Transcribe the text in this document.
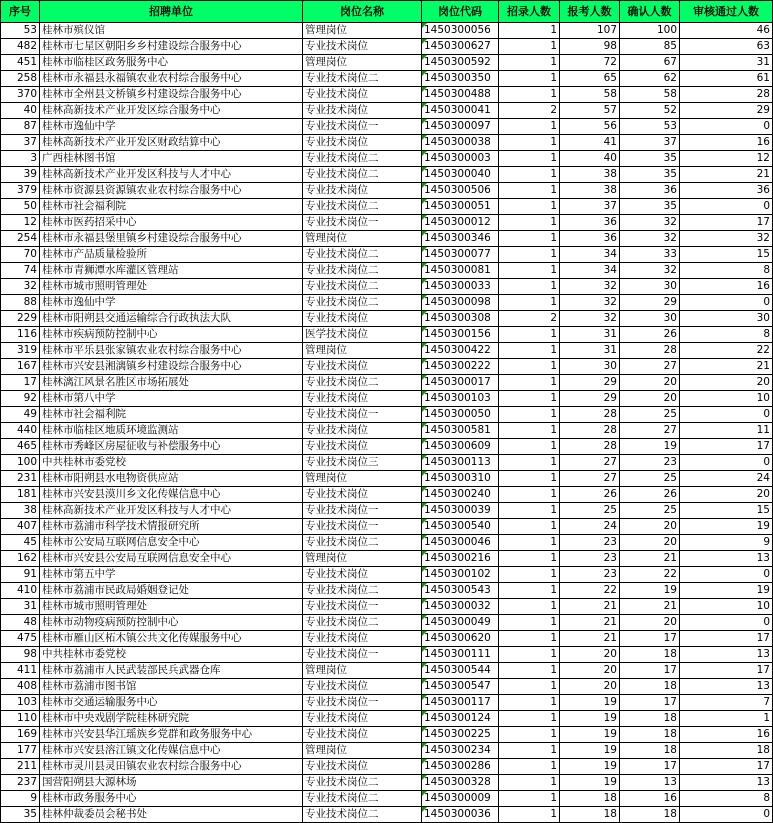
序号	招聘单位	岗位名称	岗位代码	招录人数	报考人数	确认人数	审核通过人数
53	桂林市殡仪馆	管理岗位	1450300056	1	107	100	46
482	桂林市七星区朝阳乡乡村建设综合服务中心	专业技术岗位	1450300627	1	98	85	63
451	桂林市临桂区政务服务中心	管理岗位	1450300592	1	72	67	31
258	桂林市永福县永福镇农业农村综合服务中心	专业技术岗位二	1450300350	1	65	62	61
370	桂林市全州县文桥镇乡村建设综合服务中心	专业技术岗位	1450300488	1	58	58	28
40	桂林高新技术产业开发区综合服务中心	专业技术岗位	1450300041	2	57	52	29
87	桂林市逸仙中学	专业技术岗位一	1450300097	1	56	53	0
37	桂林高新技术产业开发区财政结算中心	专业技术岗位	1450300038	1	41	37	16
3	广西桂林图书馆	专业技术岗位二	1450300003	1	40	35	12
39	桂林高新技术产业开发区科技与人才中心	专业技术岗位二	1450300040	1	38	35	21
379	桂林市资源县资源镇农业农村综合服务中心	专业技术岗位	1450300506	1	38	36	36
50	桂林市社会福利院	专业技术岗位二	1450300051	1	37	35	0
12	桂林市医药招采中心	专业技术岗位一	1450300012	1	36	32	17
254	桂林市永福县堡里镇乡村建设综合服务中心	管理岗位	1450300346	1	36	32	32
70	桂林市产品质量检验所	专业技术岗位二	1450300077	1	34	33	15
74	桂林市青狮潭水库灌区管理站	专业技术岗位二	1450300081	1	34	32	8
32	桂林市城市照明管理处	专业技术岗位二	1450300033	1	32	30	16
88	桂林市逸仙中学	专业技术岗位二	1450300098	1	32	29	0
229	桂林市阳朔县交通运输综合行政执法大队	专业技术岗位	1450300308	2	32	30	30
116	桂林市疾病预防控制中心	医学技术岗位	1450300156	1	31	26	8
319	桂林市平乐县张家镇农业农村综合服务中心	管理岗位	1450300422	1	31	28	22
167	桂林市兴安县湘漓镇乡村建设综合服务中心	专业技术岗位	1450300222	1	30	27	21
17	桂林漓江风景名胜区市场拓展处	专业技术岗位二	1450300017	1	29	20	20
92	桂林市第八中学	专业技术岗位	1450300103	1	29	20	10
49	桂林市社会福利院	专业技术岗位一	1450300050	1	28	25	0
440	桂林市临桂区地质环境监测站	专业技术岗位	1450300581	1	28	27	11
465	桂林市秀峰区房屋征收与补偿服务中心	专业技术岗位	1450300609	1	28	19	17
100	中共桂林市委党校	专业技术岗位三	1450300113	1	27	23	0
231	桂林市阳朔县水电物资供应站	管理岗位	1450300310	1	27	25	24
181	桂林市兴安县漠川乡文化传媒信息中心	专业技术岗位	1450300240	1	26	26	20
38	桂林高新技术产业开发区科技与人才中心	专业技术岗位一	1450300039	1	25	25	15
407	桂林市荔浦市科学技术情报研究所	专业技术岗位一	1450300540	1	24	20	19
45	桂林市公安局互联网信息安全中心	专业技术岗位二	1450300046	1	23	20	9
162	桂林市兴安县公安局互联网信息安全中心	管理岗位	1450300216	1	23	21	13
91	桂林市第五中学	专业技术岗位	1450300102	1	23	22	0
410	桂林市荔浦市民政局婚姻登记处	专业技术岗位二	1450300543	1	22	19	19
31	桂林市城市照明管理处	专业技术岗位一	1450300032	1	21	21	10
48	桂林市动物疫病预防控制中心	专业技术岗位二	1450300049	1	21	20	0
475	桂林市雁山区柘木镇公共文化传媒服务中心	专业技术岗位	1450300620	1	21	17	17
98	中共桂林市委党校	专业技术岗位一	1450300111	1	20	18	13
411	桂林市荔浦市人民武装部民兵武器仓库	管理岗位	1450300544	1	20	17	17
408	桂林市荔浦市图书馆	专业技术岗位	1450300547	1	20	18	13
103	桂林市交通运输服务中心	专业技术岗位一	1450300117	1	19	17	7
110	桂林市中央戏剧学院桂林研究院	专业技术岗位	1450300124	1	19	18	1
169	桂林市兴安县华江瑶族乡党群和政务服务中心	专业技术岗位	1450300225	1	19	18	16
177	桂林市兴安县溶江镇文化传媒信息中心	管理岗位	1450300234	1	19	18	18
211	桂林市灵川县灵田镇农业农村综合服务中心	专业技术岗位	1450300286	1	19	17	17
237	国营阳朔县大源林场	专业技术岗位二	1450300328	1	19	13	13
9	桂林市政务服务中心	专业技术岗位二	1450300009	1	18	16	8
35	桂林仲裁委员会秘书处	专业技术岗位二	1450300036	1	18	18	0
